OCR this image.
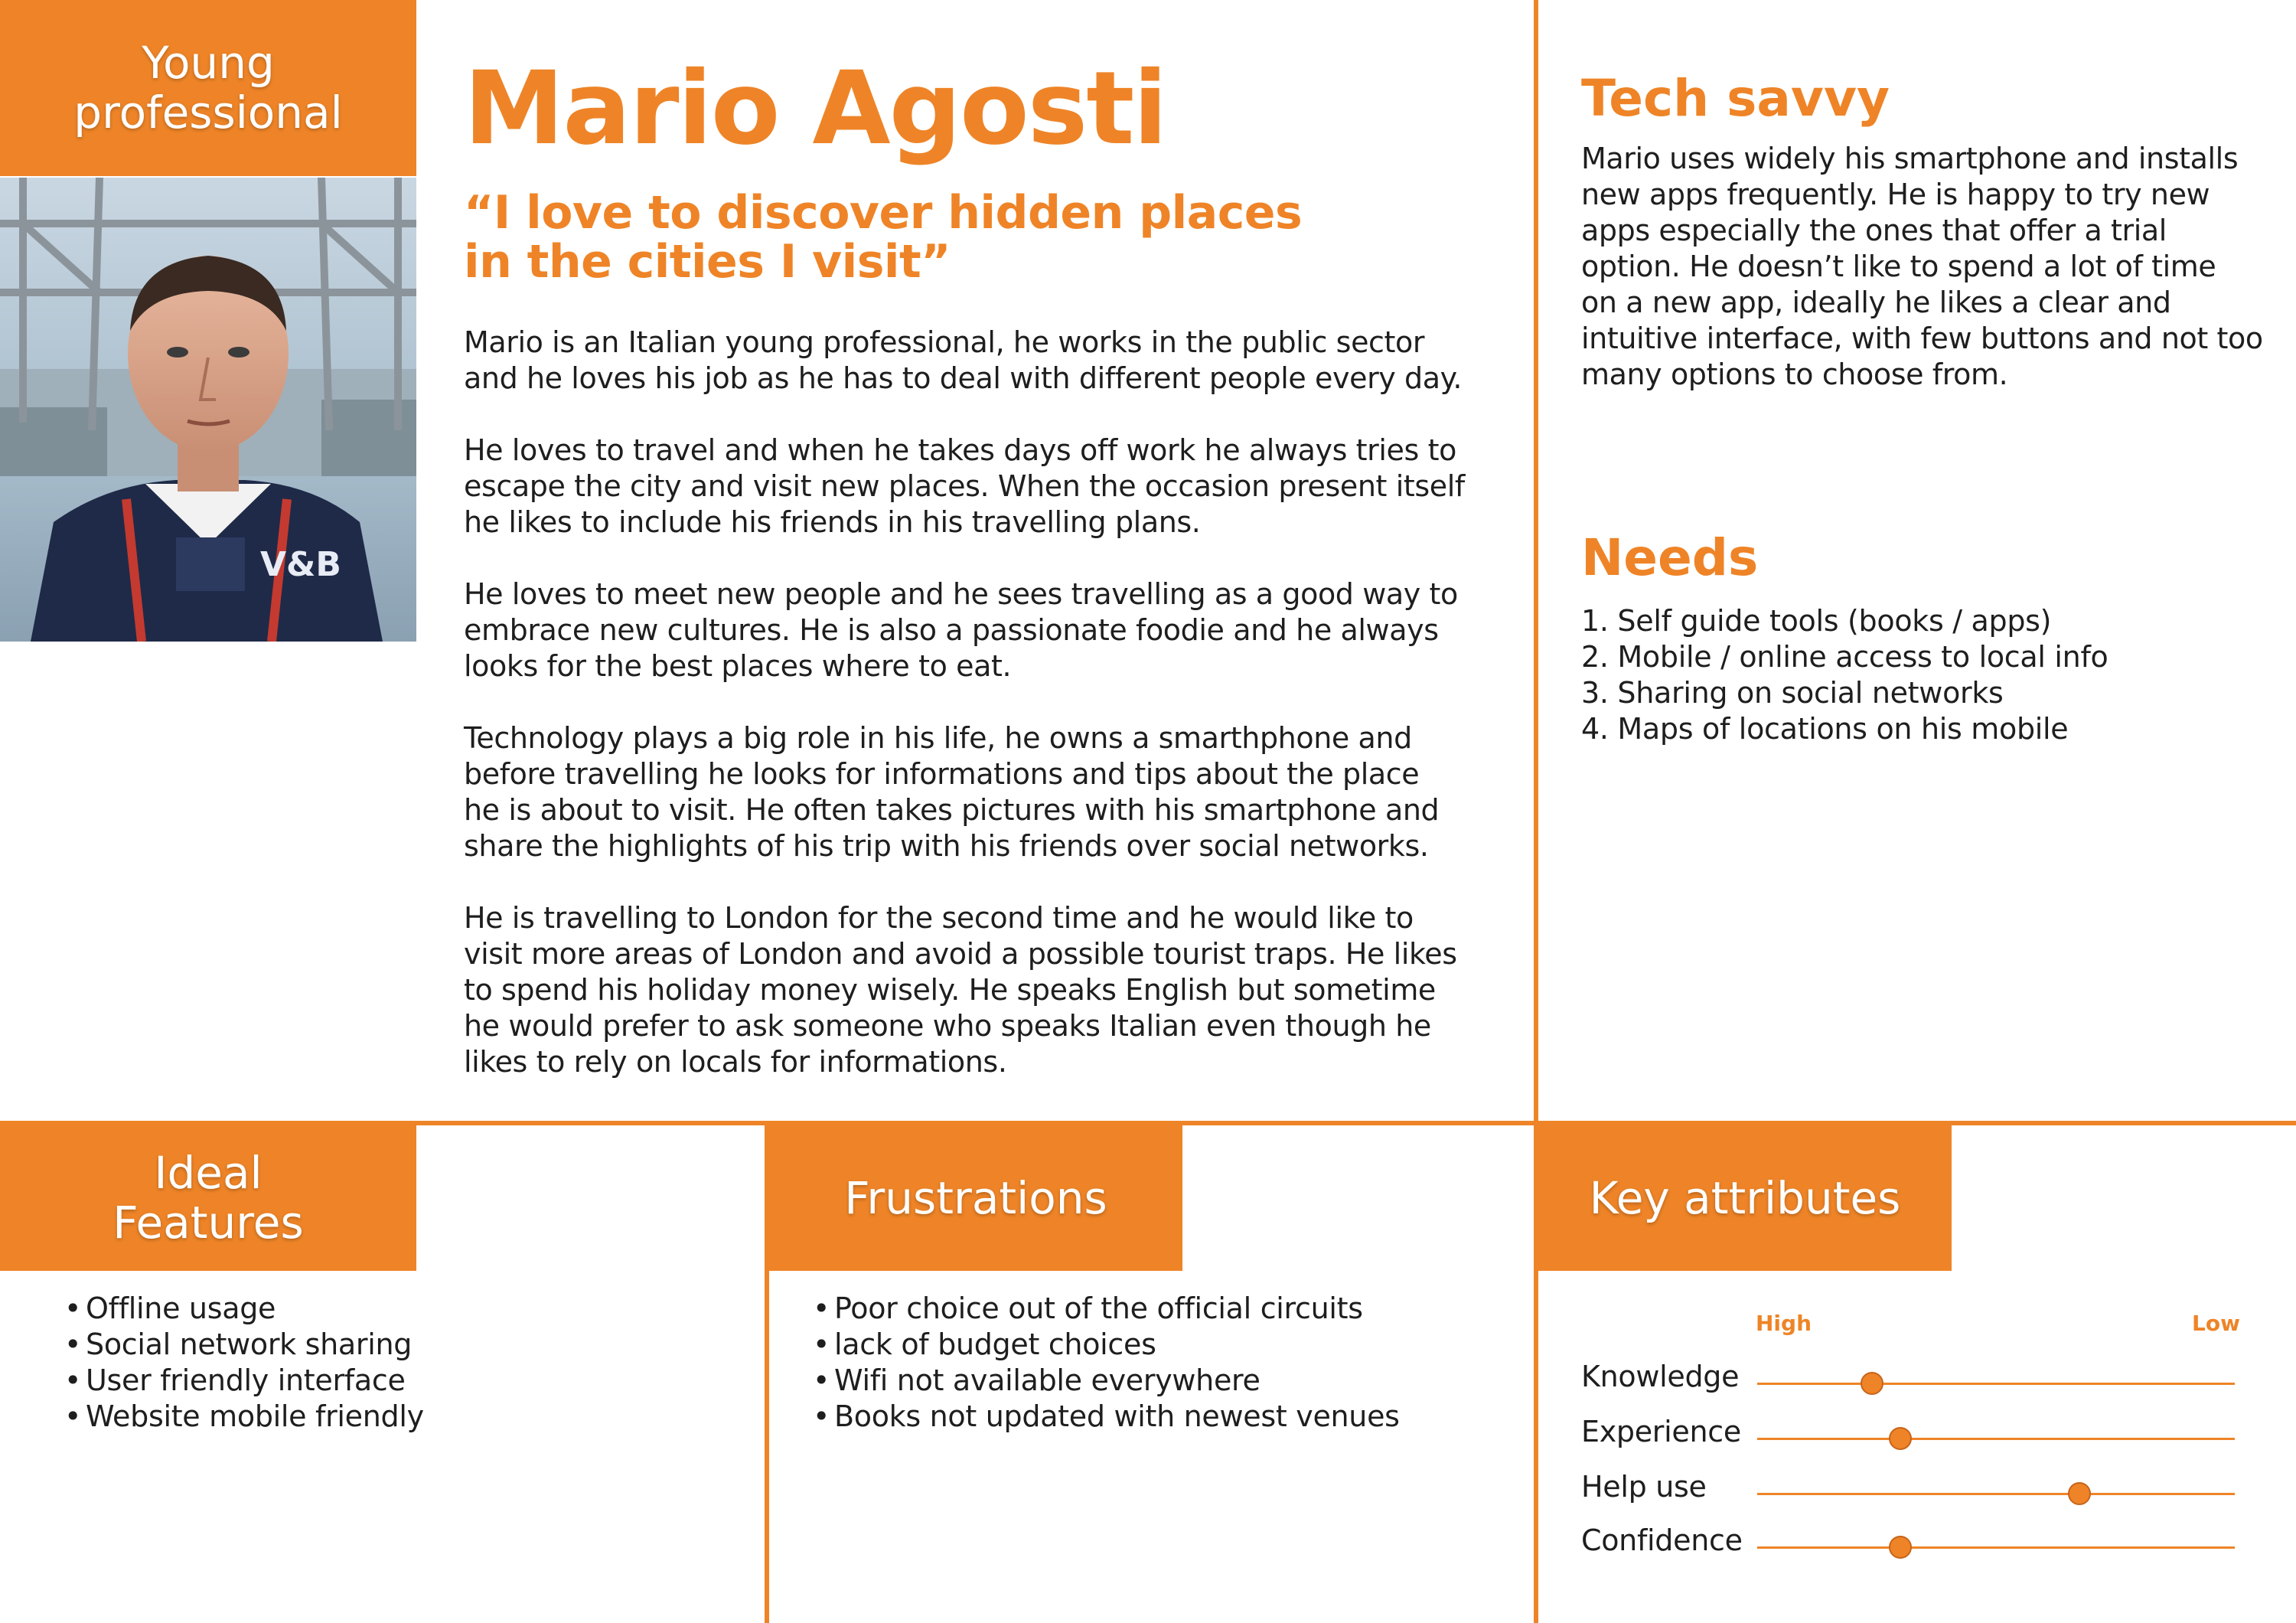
Young
professional
V&B
Mario Agosti
“I love to discover hidden places
in the cities I visit”

Mario is an Italian young professional, he works in the public sector
and he loves his job as he has to deal with different people every day.

He loves to travel and when he takes days off work he always tries to
escape the city and visit new places. When the occasion present itself
he likes to include his friends in his travelling plans.

He loves to meet new people and he sees travelling as a good way to
embrace new cultures. He is also a passionate foodie and he always
looks for the best places where to eat.

Technology plays a big role in his life, he owns a smarthphone and
before travelling he looks for informations and tips about the place
he is about to visit. He often takes pictures with his smartphone and
share the highlights of his trip with his friends over social networks.

He is travelling to London for the second time and he would like to
visit more areas of London and avoid a possible tourist traps. He likes
to spend his holiday money wisely. He speaks English but sometime
he would prefer to ask someone who speaks Italian even though he
likes to rely on locals for informations.

Tech savvy
Mario uses widely his smartphone and installs
new apps frequently. He is happy to try new
apps especially the ones that offer a trial
option. He doesn’t like to spend a lot of time
on a new app, ideally he likes a clear and
intuitive interface, with few buttons and not too
many options to choose from.
Needs
1. Self guide tools (books / apps)
2. Mobile / online access to local info
3. Sharing on social networks
4. Maps of locations on his mobile
Ideal
Features
• Offline usage
• Social network sharing
• User friendly interface
• Website mobile friendly
Frustrations
• Poor choice out of the official circuits
• lack of budget choices
• Wifi not available everywhere
• Books not updated with newest venues
Key attributes
High	Low
Knowledge
Experience
Help use
Confidence
